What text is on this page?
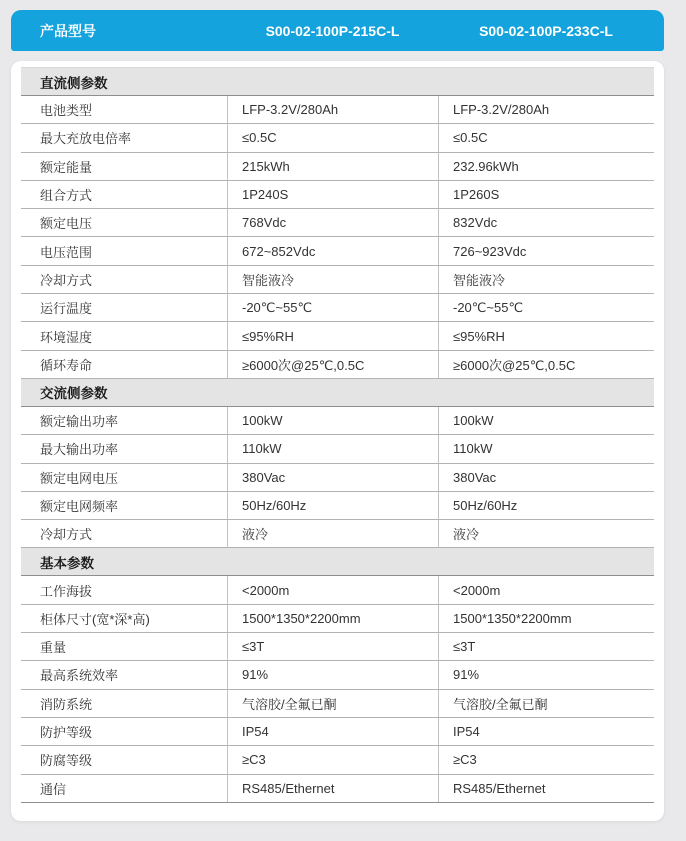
产品型号	S00-02-100P-215C-L	S00-02-100P-233C-L
直流侧参数
电池类型	LFP-3.2V/280Ah	LFP-3.2V/280Ah
最大充放电倍率	≤0.5C	≤0.5C
额定能量	215kWh	232.96kWh
组合方式	1P240S	1P260S
额定电压	768Vdc	832Vdc
电压范围	672~852Vdc	726~923Vdc
冷却方式	智能液冷	智能液冷
运行温度	-20℃~55℃	-20℃~55℃
环境湿度	≤95%RH	≤95%RH
循环寿命	≥6000次@25℃,0.5C	≥6000次@25℃,0.5C
交流侧参数
额定输出功率	100kW	100kW
最大输出功率	110kW	110kW
额定电网电压	380Vac	380Vac
额定电网频率	50Hz/60Hz	50Hz/60Hz
冷却方式	液冷	液冷
基本参数
工作海拔	<2000m	<2000m
柜体尺寸(宽*深*高)	1500*1350*2200mm	1500*1350*2200mm
重量	≤3T	≤3T
最高系统效率	91%	91%
消防系统	气溶胶/全氟已酮	气溶胶/全氟已酮
防护等级	IP54	IP54
防腐等级	≥C3	≥C3
通信	RS485/Ethernet	RS485/Ethernet
